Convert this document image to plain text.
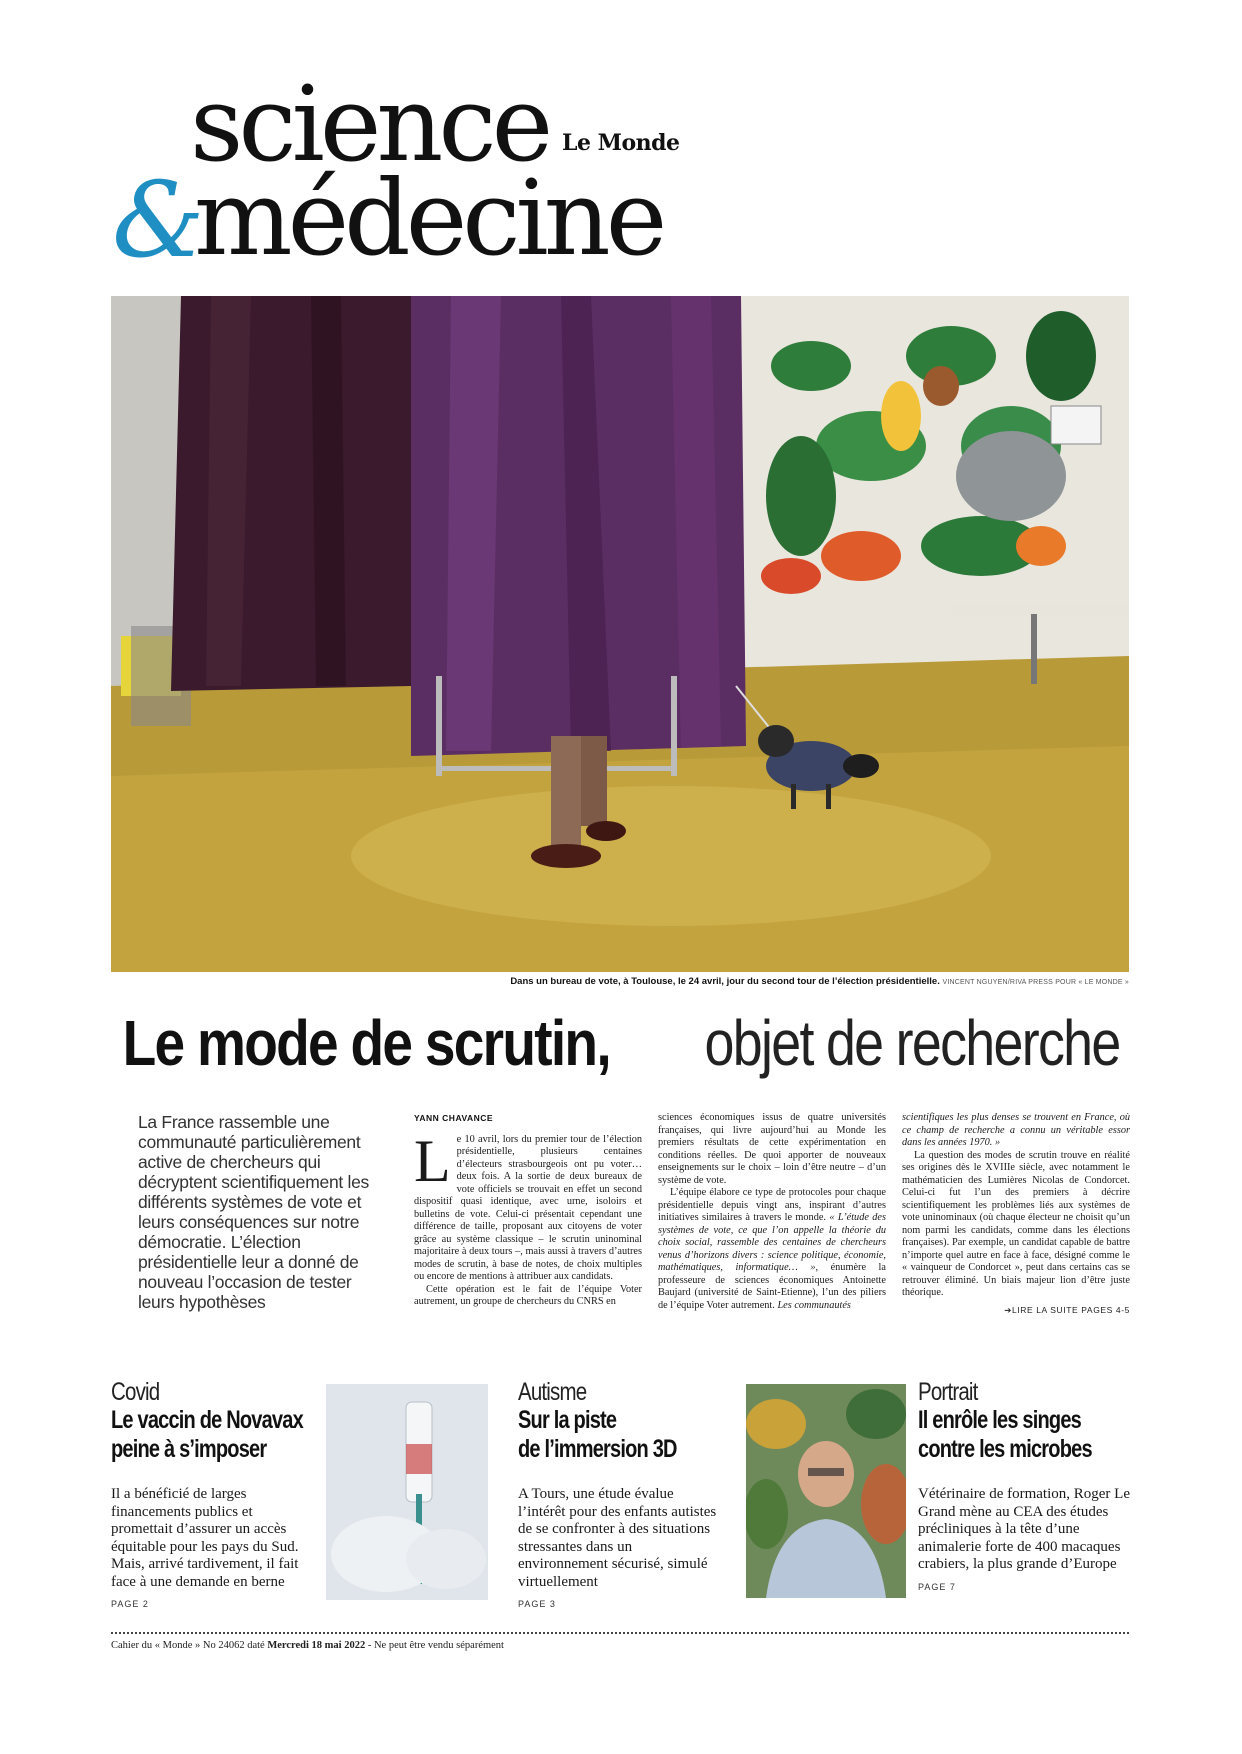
science Le Monde
&
médecine
Dans un bureau de vote, à Toulouse, le 24 avril, jour du second tour de l’élection présidentielle. VINCENT NGUYEN/RIVA PRESS POUR « LE MONDE »
Le mode de scrutin, objet de recherche
La France rassemble une communauté particulièrement active de chercheurs qui décryptent scientifiquement les différents systèmes de vote et leurs conséquences sur notre démocratie. L’élection présidentielle leur a donné de nouveau l’occasion de tester leurs hypothèses
YANN CHAVANCE
L e 10 avril, lors du premier tour de l’élection présidentielle, plusieurs centaines d’électeurs strasbourgeois ont pu voter… deux fois. A la sortie de deux bureaux de vote officiels se trouvait en effet un second dispositif quasi identique, avec urne, isoloirs et bulletins de vote. Celui-ci présentait cependant une différence de taille, proposant aux citoyens de voter grâce au système classique – le scrutin uninominal majoritaire à deux tours –, mais aussi à travers d’autres modes de scrutin, à base de notes, de choix multiples ou encore de mentions à attribuer aux candidats.

Cette opération est le fait de l’équipe Voter autrement, un groupe de chercheurs du CNRS en

sciences économiques issus de quatre universités françaises, qui livre aujourd’hui au Monde les premiers résultats de cette expérimentation en conditions réelles. De quoi apporter de nouveaux enseignements sur le choix – loin d’être neutre – d’un système de vote.

L’équipe élabore ce type de protocoles pour chaque présidentielle depuis vingt ans, inspirant d’autres initiatives similaires à travers le monde. « L’étude des systèmes de vote, ce que l’on appelle la théorie du choix social, rassemble des centaines de chercheurs venus d’horizons divers : science politique, économie, mathématiques, informatique… », énumère la professeure de sciences économiques Antoinette Baujard (université de Saint-Etienne), l’un des piliers de l’équipe Voter autrement. Les communautés

scientifiques les plus denses se trouvent en France, où ce champ de recherche a connu un véritable essor dans les années 1970. »

La question des modes de scrutin trouve en réalité ses origines dès le XVIIIe siècle, avec notamment le mathématicien des Lumières Nicolas de Condorcet. Celui-ci fut l’un des premiers à décrire scientifiquement les problèmes liés aux systèmes de vote uninominaux (où chaque électeur ne choisit qu’un nom parmi les candidats, comme dans les élections françaises). Par exemple, un candidat capable de battre n’importe quel autre en face à face, désigné comme le « vainqueur de Condorcet », peut dans certains cas se retrouver éliminé. Un biais majeur lion d’être juste théorique.

➔LIRE LA SUITE PAGES 4-5
Covid
Le vaccin de Novavax
peine à s’imposer
Il a bénéficié de larges financements publics et promettait d’assurer un accès équitable pour les pays du Sud. Mais, arrivé tardivement, il fait face à une demande en berne
PAGE 2
Autisme
Sur la piste
de l’immersion 3D
A Tours, une étude évalue l’intérêt pour des enfants autistes de se confronter à des situations stressantes dans un environnement sécurisé, simulé virtuellement
PAGE 3
Portrait
Il enrôle les singes
contre les microbes
Vétérinaire de formation, Roger Le Grand mène au CEA des études précliniques à la tête d’une animalerie forte de 400 macaques crabiers, la plus grande d’Europe
PAGE 7
Cahier du « Monde » No 24062 daté Mercredi 18 mai 2022 - Ne peut être vendu séparément
